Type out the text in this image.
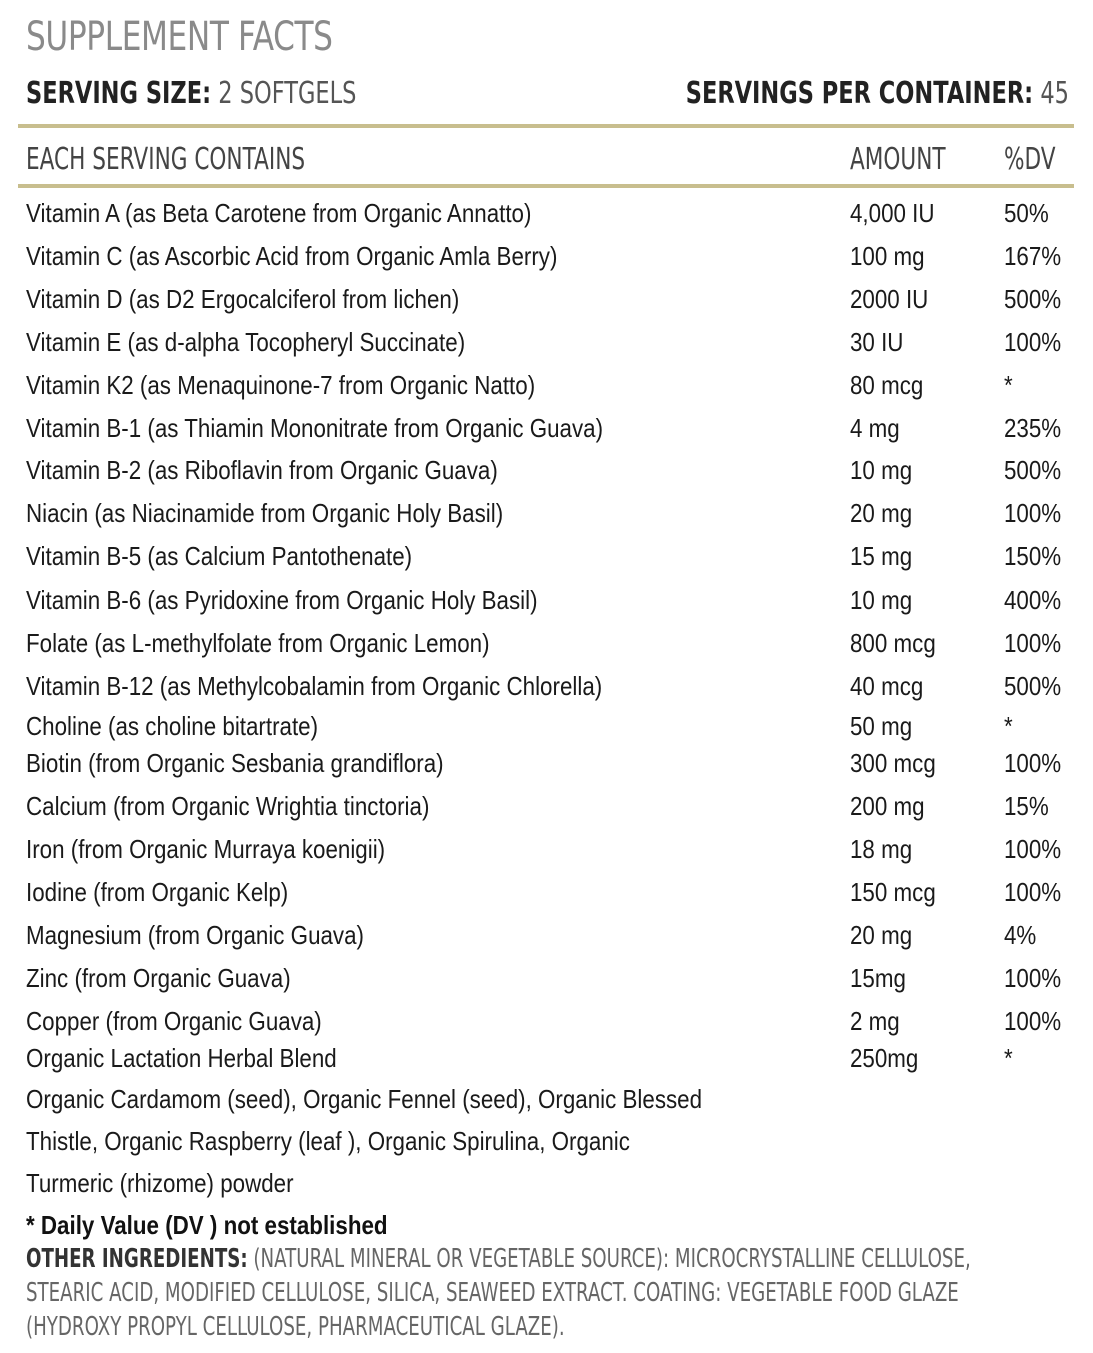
SUPPLEMENT FACTS
SERVING SIZE: 2 SOFTGELS	SERVINGS PER CONTAINER: 45
EACH SERVING CONTAINS	AMOUNT %DV
Vitamin A (as Beta Carotene from Organic Annatto)	4,000 IU	50%
Vitamin C (as Ascorbic Acid from Organic Amla Berry)	100 mg	167%
Vitamin D (as D2 Ergocalciferol from lichen)	2000 IU	500%
Vitamin E (as d-alpha Tocopheryl Succinate)	30 IU	100%
Vitamin K2 (as Menaquinone-7 from Organic Natto)	80 mcg	*
Vitamin B-1 (as Thiamin Mononitrate from Organic Guava)	4 mg	235%
Vitamin B-2 (as Riboflavin from Organic Guava)	10 mg	500%
Niacin (as Niacinamide from Organic Holy Basil)	20 mg	100%
Vitamin B-5 (as Calcium Pantothenate)	15 mg	150%
Vitamin B-6 (as Pyridoxine from Organic Holy Basil)	10 mg	400%
Folate (as L-methylfolate from Organic Lemon)	800 mcg	100%
Vitamin B-12 (as Methylcobalamin from Organic Chlorella)	40 mcg	500%
Choline (as choline bitartrate)	50 mg	*
Biotin (from Organic Sesbania grandiflora)	300 mcg	100%
Calcium (from Organic Wrightia tinctoria)	200 mg	15%
Iron (from Organic Murraya koenigii)	18 mg	100%
Iodine (from Organic Kelp)	150 mcg	100%
Magnesium (from Organic Guava)	20 mg	4%
Zinc (from Organic Guava)	15mg	100%
Copper (from Organic Guava)	2 mg	100%
Organic Lactation Herbal Blend	250mg	*
Organic Cardamom (seed), Organic Fennel (seed), Organic Blessed
Thistle, Organic Raspberry (leaf ), Organic Spirulina, Organic
Turmeric (rhizome) powder
* Daily Value (DV ) not established
OTHER INGREDIENTS: (NATURAL MINERAL OR VEGETABLE SOURCE): MICROCRYSTALLINE CELLULOSE,
STEARIC ACID, MODIFIED CELLULOSE, SILICA, SEAWEED EXTRACT. COATING: VEGETABLE FOOD GLAZE
(HYDROXY PROPYL CELLULOSE, PHARMACEUTICAL GLAZE).
